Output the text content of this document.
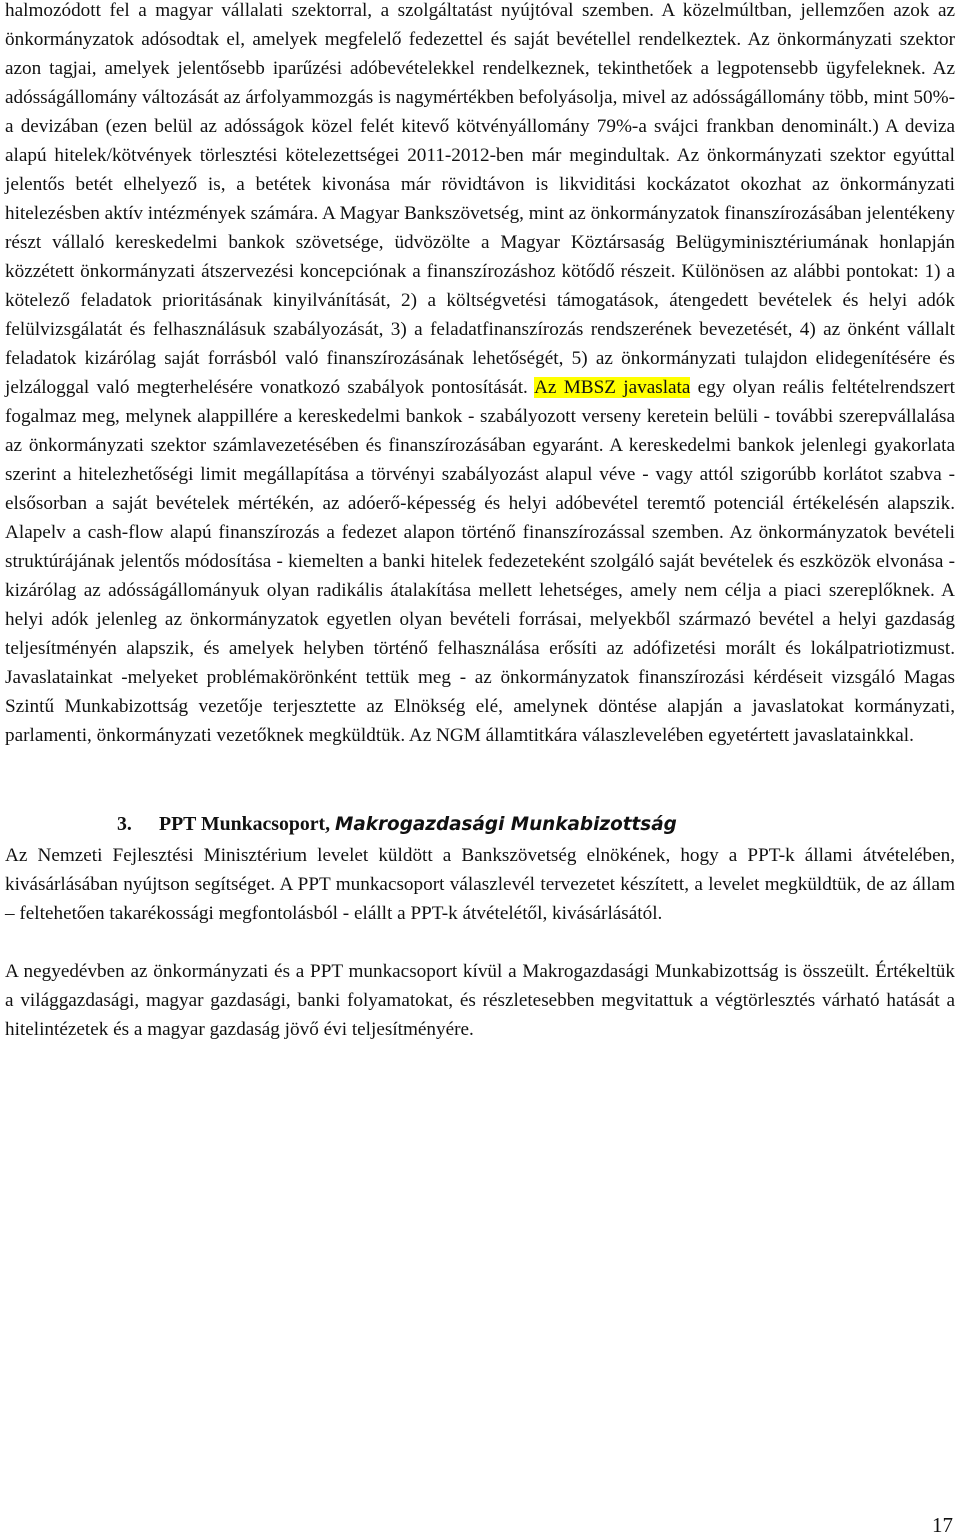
halmozódott fel a magyar vállalati szektorral, a szolgáltatást nyújtóval szemben. A közelmúltban, jellemzően azok az önkormányzatok adósodtak el, amelyek megfelelő fedezettel és saját bevétellel rendelkeztek. Az önkormányzati szektor azon tagjai, amelyek jelentősebb iparűzési adóbevételekkel rendelkeznek, tekinthetőek a legpotensebb ügyfeleknek. Az adósságállomány változását az árfolyammozgás is nagymértékben befolyásolja, mivel az adósságállomány több, mint 50%-a devizában (ezen belül az adósságok közel felét kitevő kötvényállomány 79%-a svájci frankban denominált.) A deviza alapú hitelek/kötvények törlesztési kötelezettségei 2011-2012-ben már megindultak. Az önkormányzati szektor egyúttal jelentős betét elhelyező is, a betétek kivonása már rövidtávon is likviditási kockázatot okozhat az önkormányzati hitelezésben aktív intézmények számára. A Magyar Bankszövetség, mint az önkormányzatok finanszírozásában jelentékeny részt vállaló kereskedelmi bankok szövetsége, üdvözölte a Magyar Köztársaság Belügyminisztériumának honlapján közzétett önkormányzati átszervezési koncepciónak a finanszírozáshoz kötődő részeit. Különösen az alábbi pontokat: 1) a kötelező feladatok prioritásának kinyilvánítását, 2) a költségvetési támogatások, átengedett bevételek és helyi adók felülvizsgálatát és felhasználásuk szabályozását, 3) a feladatfinanszírozás rendszerének bevezetését, 4) az önként vállalt feladatok kizárólag saját forrásból való finanszírozásának lehetőségét, 5) az önkormányzati tulajdon elidegenítésére és jelzáloggal való megterhelésére vonatkozó szabályok pontosítását. Az MBSZ javaslata egy olyan reális feltételrendszert fogalmaz meg, melynek alappillére a kereskedelmi bankok - szabályozott verseny keretein belüli - további szerepvállalása az önkormányzati szektor számlavezetésében és finanszírozásában egyaránt. A kereskedelmi bankok jelenlegi gyakorlata szerint a hitelezhetőségi limit megállapítása a törvényi szabályozást alapul véve - vagy attól szigorúbb korlátot szabva - elsősorban a saját bevételek mértékén, az adóerő-képesség és helyi adóbevétel teremtő potenciál értékelésén alapszik. Alapelv a cash-flow alapú finanszírozás a fedezet alapon történő finanszírozással szemben. Az önkormányzatok bevételi struktúrájának jelentős módosítása - kiemelten a banki hitelek fedezeteként szolgáló saját bevételek és eszközök elvonása - kizárólag az adósságállományuk olyan radikális átalakítása mellett lehetséges, amely nem célja a piaci szereplőknek. A helyi adók jelenleg az önkormányzatok egyetlen olyan bevételi forrásai, melyekből származó bevétel a helyi gazdaság teljesítményén alapszik, és amelyek helyben történő felhasználása erősíti az adófizetési morált és lokálpatriotizmust. Javaslatainkat -melyeket problémakörönként tettük meg - az önkormányzatok finanszírozási kérdéseit vizsgáló Magas Szintű Munkabizottság vezetője terjesztette az Elnökség elé, amelynek döntése alapján a javaslatokat kormányzati, parlamenti, önkormányzati vezetőknek megküldtük. Az NGM államtitkára válaszlevelében egyetértett javaslatainkkal.

3. PPT Munkacsoport, Makrogazdasági Munkabizottság

Az Nemzeti Fejlesztési Minisztérium levelet küldött a Bankszövetség elnökének, hogy a PPT-k állami átvételében, kivásárlásában nyújtson segítséget. A PPT munkacsoport válaszlevél tervezetet készített, a levelet megküldtük, de az állam – feltehetően takarékossági megfontolásból - elállt a PPT-k átvételétől, kivásárlásától.

A negyedévben az önkormányzati és a PPT munkacsoport kívül a Makrogazdasági Munkabizottság is összeült. Értékeltük a világgazdasági, magyar gazdasági, banki folyamatokat, és részletesebben megvitattuk a végtörlesztés várható hatását a hitelintézetek és a magyar gazdaság jövő évi teljesítményére.

17
